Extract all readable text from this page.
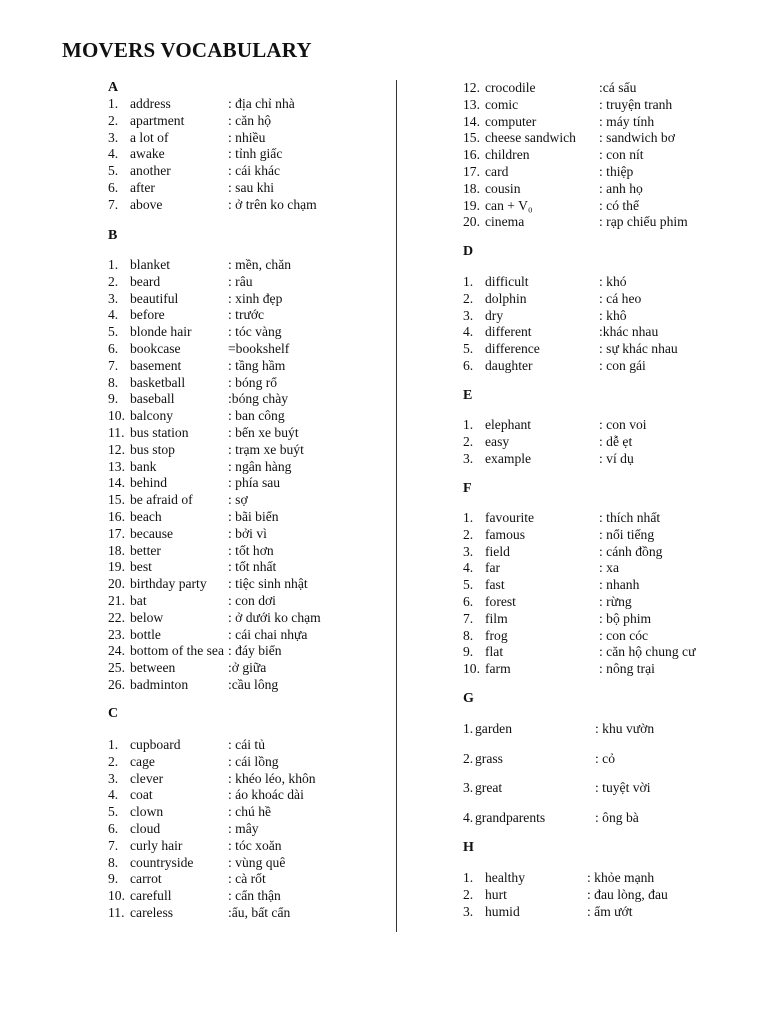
MOVERS VOCABULARY
A
1. address	: địa chỉ nhà
2. apartment	: căn hộ
3. a lot of	: nhiều
4. awake	: tỉnh giấc
5. another	: cái khác
6. after	: sau khi
7. above	: ở trên ko chạm
B
1. blanket	: mền, chăn
2. beard	: râu
3. beautiful	: xinh đẹp
4. before	: trước
5. blonde hair	: tóc vàng
6. bookcase	=bookshelf
7. basement	: tầng hầm
8. basketball	: bóng rổ
9. baseball	:bóng chày
10. balcony	: ban công
11. bus station	: bến xe buýt
12. bus stop	: trạm xe buýt
13. bank	: ngân hàng
14. behind	: phía sau
15. be afraid of	: sợ
16. beach	: bãi biển
17. because	: bởi vì
18. better	: tốt hơn
19. best	: tốt nhất
20. birthday party : tiệc sinh nhật
21. bat	: con dơi
22. below	: ở dưới ko chạm
23. bottle	: cái chai nhựa
24. bottom of the sea : đáy biển
25. between	:ở giữa
26. badminton	:cầu lông
C
1. cupboard	: cái tủ
2. cage	: cái lồng
3. clever	: khéo léo, khôn
4. coat	: áo khoác dài
5. clown	: chú hề
6. cloud	: mây
7. curly hair	: tóc xoăn
8. countryside	: vùng quê
9. carrot	: cà rốt
10. carefull	: cẩn thận
11. careless	:ẩu, bất cẩn
12. crocodile	:cá sấu
13. comic	: truyện tranh
14. computer	: máy tính
15. cheese sandwich : sandwich bơ
16. children	: con nít
17. card	: thiệp
18. cousin	: anh họ
19. can + V₀	: có thể
20. cinema	: rạp chiếu phim
D
1. difficult	: khó
2. dolphin	: cá heo
3. dry	: khô
4. different	:khác nhau
5. difference	: sự khác nhau
6. daughter	: con gái
E
1. elephant	: con voi
2. easy	: dễ ẹt
3. example	: ví dụ
F
1. favourite	: thích nhất
2. famous	: nổi tiếng
3. field	: cánh đồng
4. far	: xa
5. fast	: nhanh
6. forest	: rừng
7. film	: bộ phim
8. frog	: con cóc
9. flat	: căn hộ chung cư
10. farm	: nông trại
G
1. garden	: khu vườn
2. grass	: cỏ
3. great	: tuyệt vời
4. grandparents	: ông bà
H
1. healthy	: khỏe mạnh
2. hurt	: đau lòng, đau
3. humid	: ẩm ướt
